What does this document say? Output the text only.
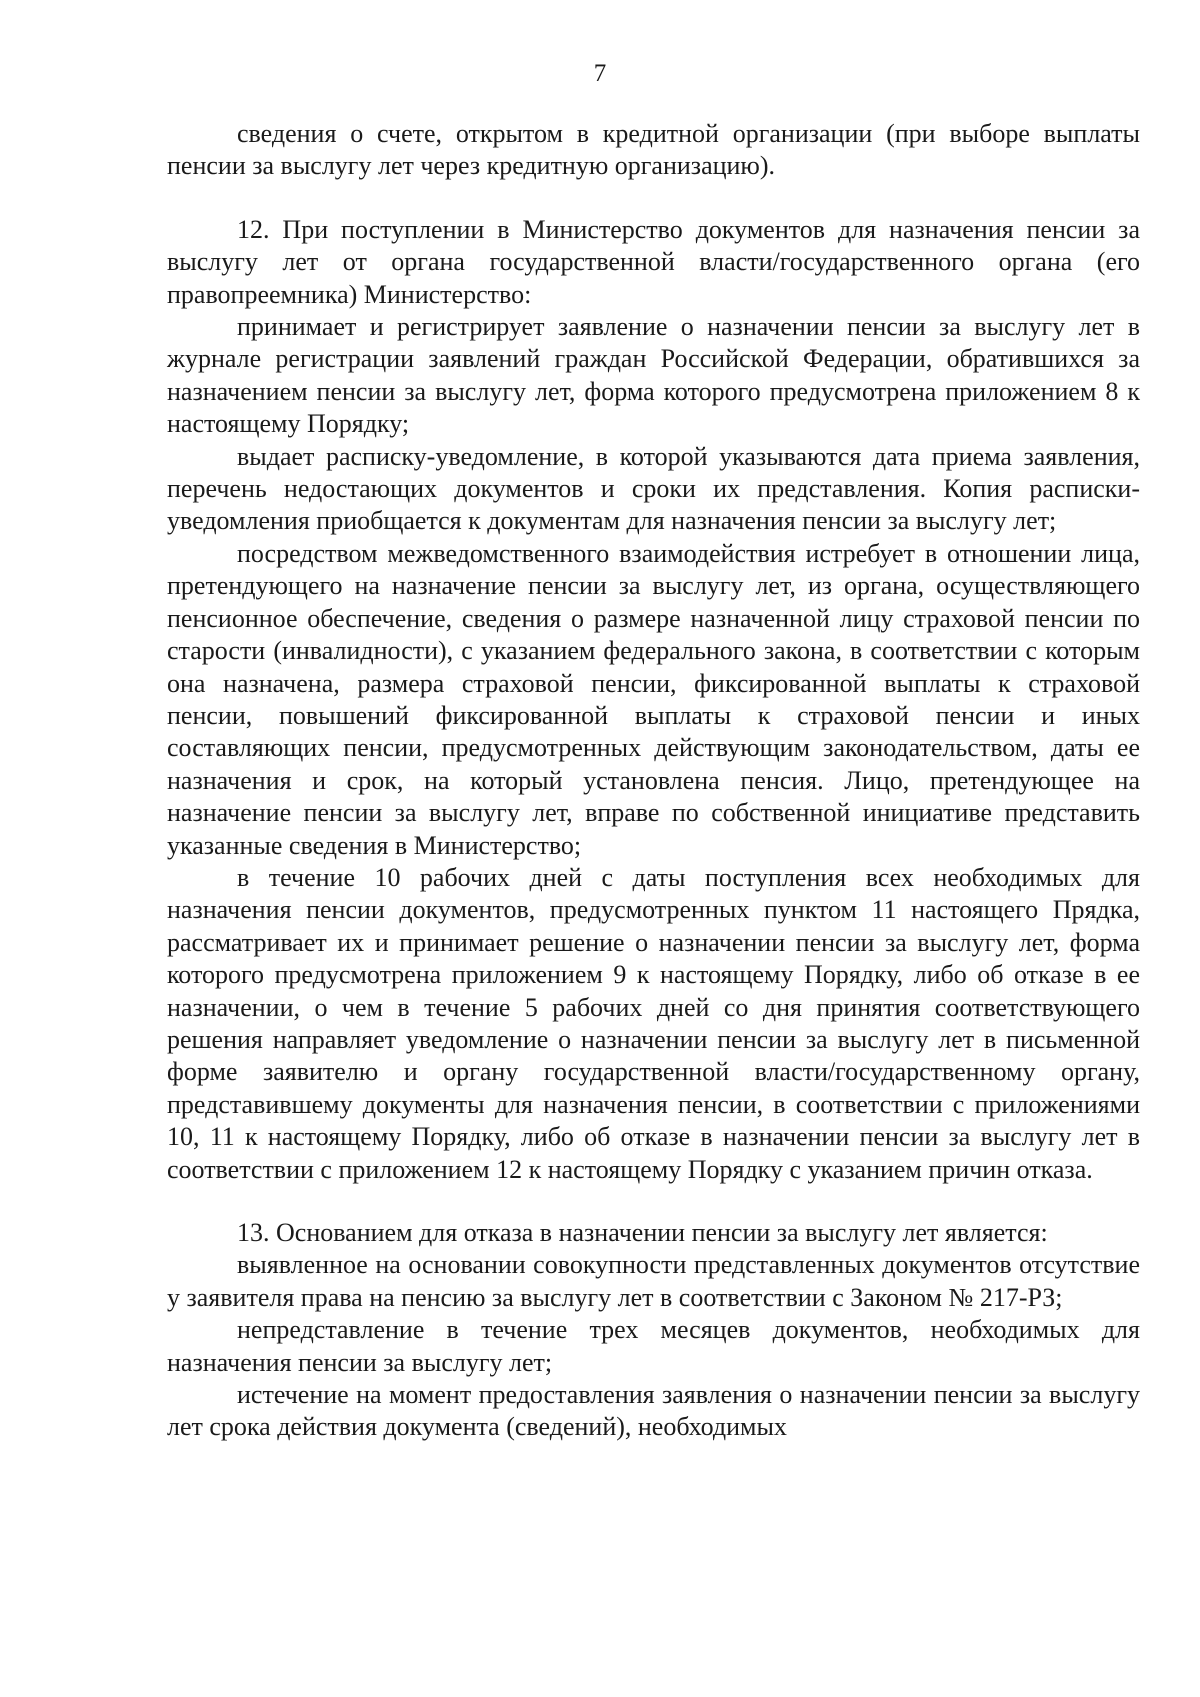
7

сведения о счете, открытом в кредитной организации (при выборе выплаты пенсии за выслугу лет через кредитную организацию).

12. При поступлении в Министерство документов для назначения пенсии за выслугу лет от органа государственной власти/государственного органа (его правопреемника) Министерство:

принимает и регистрирует заявление о назначении пенсии за выслугу лет в журнале регистрации заявлений граждан Российской Федерации, обратившихся за назначением пенсии за выслугу лет, форма которого предусмотрена приложением 8 к настоящему Порядку;

выдает расписку-уведомление, в которой указываются дата приема заявления, перечень недостающих документов и сроки их представления. Копия расписки-уведомления приобщается к документам для назначения пенсии за выслугу лет;

посредством межведомственного взаимодействия истребует в отношении лица, претендующего на назначение пенсии за выслугу лет, из органа, осуществляющего пенсионное обеспечение, сведения о размере назначенной лицу страховой пенсии по старости (инвалидности), с указанием федерального закона, в соответствии с которым она назначена, размера страховой пенсии, фиксированной выплаты к страховой пенсии, повышений фиксированной выплаты к страховой пенсии и иных составляющих пенсии, предусмотренных действующим законодательством, даты ее назначения и срок, на который установлена пенсия. Лицо, претендующее на назначение пенсии за выслугу лет, вправе по собственной инициативе представить указанные сведения в Министерство;

в течение 10 рабочих дней с даты поступления всех необходимых для назначения пенсии документов, предусмотренных пунктом 11 настоящего Прядка, рассматривает их и принимает решение о назначении пенсии за выслугу лет, форма которого предусмотрена приложением 9 к настоящему Порядку, либо об отказе в ее назначении, о чем в течение 5 рабочих дней со дня принятия соответствующего решения направляет уведомление о назначении пенсии за выслугу лет в письменной форме заявителю и органу государственной власти/государственному органу, представившему документы для назначения пенсии, в соответствии с приложениями 10, 11 к настоящему Порядку, либо об отказе в назначении пенсии за выслугу лет в соответствии с приложением 12 к настоящему Порядку с указанием причин отказа.

13. Основанием для отказа в назначении пенсии за выслугу лет является:

выявленное на основании совокупности представленных документов отсутствие у заявителя права на пенсию за выслугу лет в соответствии с Законом № 217-РЗ;

непредставление в течение трех месяцев документов, необходимых для назначения пенсии за выслугу лет;

истечение на момент предоставления заявления о назначении пенсии за выслугу лет срока действия документа (сведений), необходимых
